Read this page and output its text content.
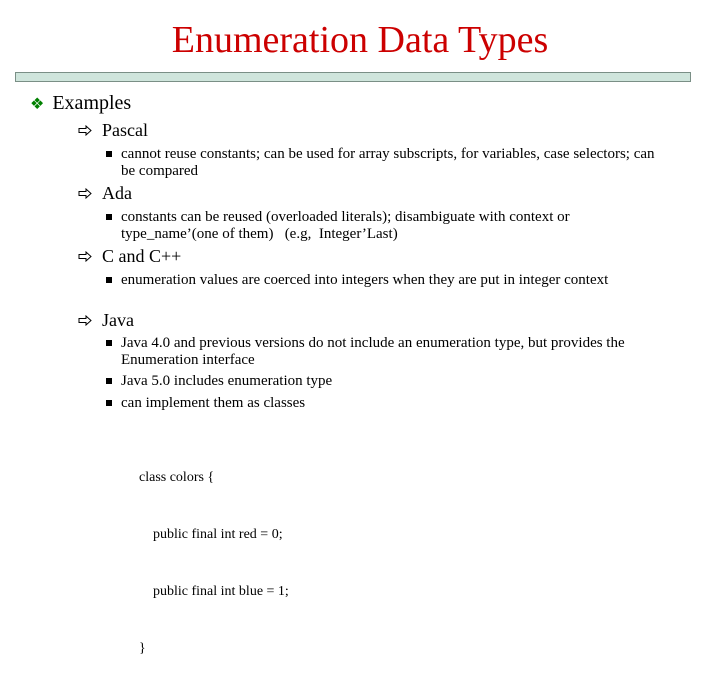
Enumeration Data Types
❖ Examples
Pascal
cannot reuse constants; can be used for array subscripts, for variables, case selectors; can be compared
Ada
constants can be reused (overloaded literals); disambiguate with context or type_name’(one of them)   (e.g,  Integer’Last)
C and C++
enumeration values are coerced into integers when they are put in integer context
Java
Java 4.0 and previous versions do not include an enumeration type, but provides the Enumeration interface
Java 5.0 includes enumeration type
can implement them as classes

class colors {

public final int red = 0;

public final int blue = 1;

}
